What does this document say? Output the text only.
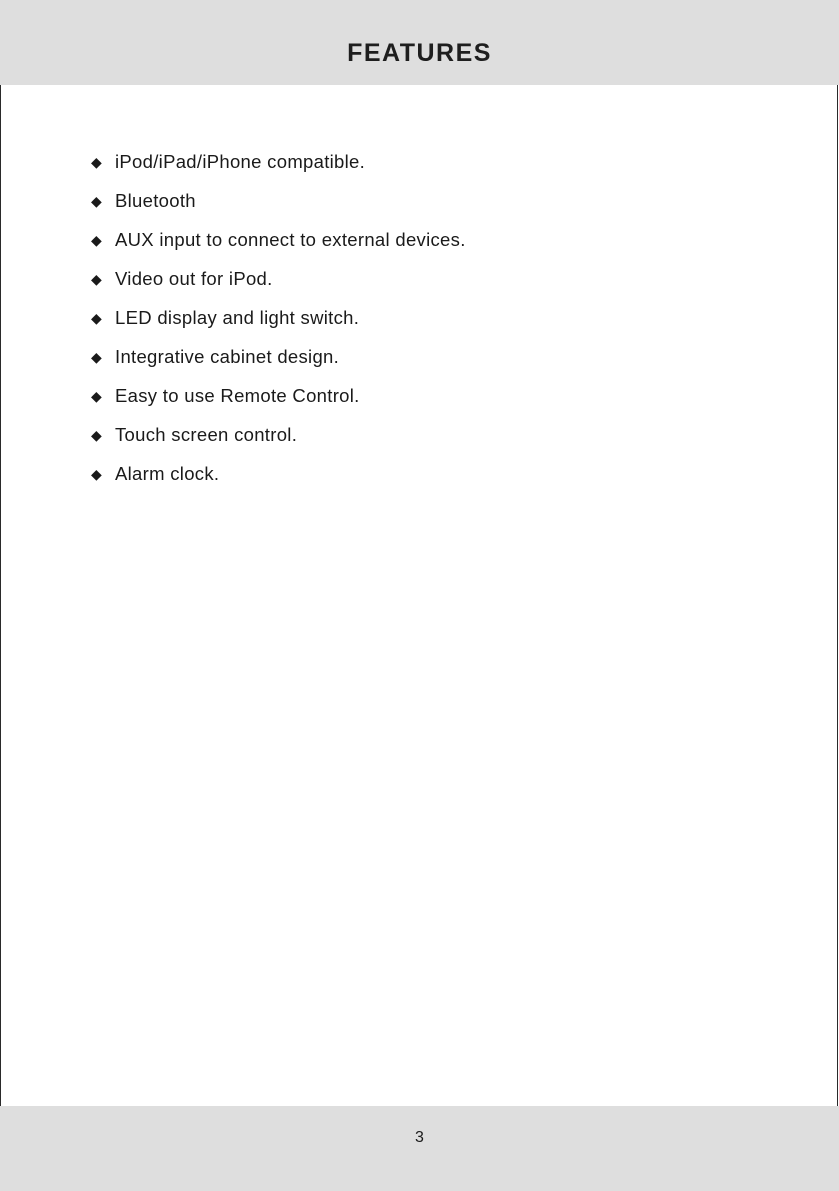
FEATURES
◆ iPod/iPad/iPhone compatible.
◆ Bluetooth
◆ AUX input to connect to external devices.
◆ Video out for iPod.
◆ LED display and light switch.
◆ Integrative cabinet design.
◆ Easy to use Remote Control.
◆ Touch screen control.
◆ Alarm clock.
3
